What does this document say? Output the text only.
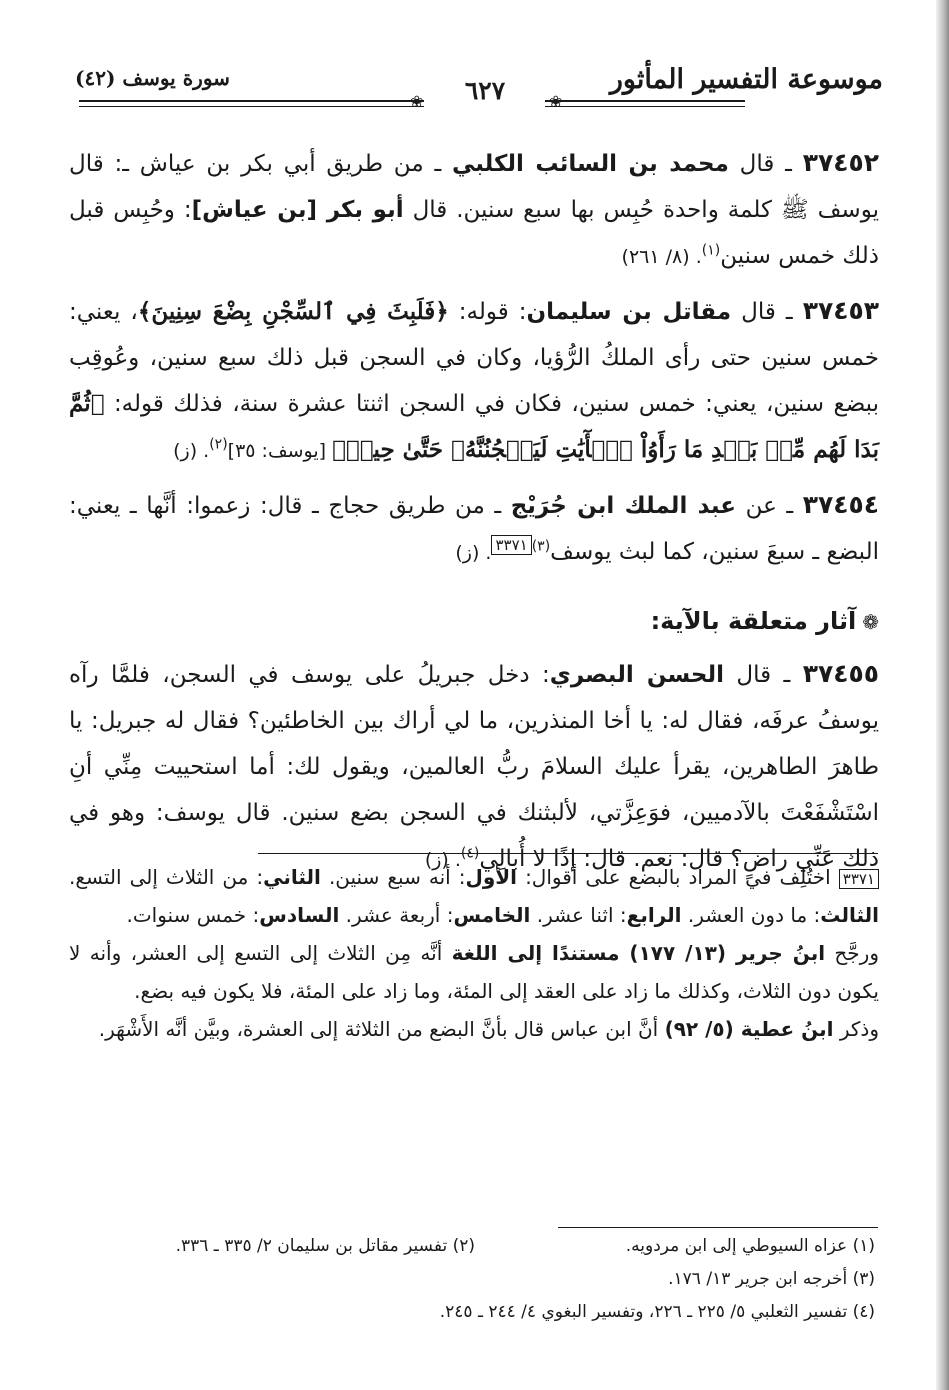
موسوعة التفسير المأثور
❀
٦٢٧
❀
سورة يوسف (٤٢)

٣٧٤٥٢ ـ قال محمد بن السائب الكلبي ـ من طريق أبي بكر بن عياش ـ: قال يوسف ﷺ كلمة واحدة حُبِس بها سبع سنين. قال أبو بكر [بن عياش]: وحُبِس قبل ذلك خمس سنين$^{(١)}$. (٨/ ٢٦١)

٣٧٤٥٣ ـ قال مقاتل بن سليمان: قوله: ﴿فَلَبِثَ فِي ٱلسِّجْنِ بِضْعَ سِنِينَ﴾، يعني: خمس سنين حتى رأى الملكُ الرُّؤيا، وكان في السجن قبل ذلك سبع سنين، وعُوقِب ببضع سنين، يعني: خمس سنين، فكان في السجن اثنتا عشرة سنة، فذلك قوله: ﴿ثُمَّ بَدَا لَهُم مِّنۢ بَعۡدِ مَا رَأَوُاْ ٱلۡأٓيَٰتِ لَيَسۡجُنُنَّهُۥ حَتَّىٰ حِينٖ﴾ [يوسف: ٣٥]$^{(٢)}$. (ز)

٣٧٤٥٤ ـ عن عبد الملك ابن جُرَيْج ـ من طريق حجاج ـ قال: زعموا: أنَّها ـ يعني: البضع ـ سبعَ سنين، كما لبث يوسف$^{(٣)}$٣٣٧١. (ز)

❁آثار متعلقة بالآية:

٣٧٤٥٥ ـ قال الحسن البصري: دخل جبريلُ على يوسف في السجن، فلمَّا رآه يوسفُ عرفَه، فقال له: يا أخا المنذرين، ما لي أراك بين الخاطئين؟ فقال له جبريل: يا طاهرَ الطاهرين، يقرأ عليك السلامَ ربُّ العالمين، ويقول لك: أما استحييت مِنِّي أنِ اسْتَشْفَعْتَ بالآدميين، فوَعِزَّتي، لألبثنك في السجن بضع سنين. قال يوسف: وهو في ذلك عَنِّي راضٍ؟ قال: نعم. قال: إذًا لا أُبالِي$^{(٤)}$. (ز)

٣٣٧١ اختُلِف في المراد بالبضع على أقوال: الأول: أنه سبع سنين. الثاني: من الثلاث إلى التسع. الثالث: ما دون العشر. الرابع: اثنا عشر. الخامس: أربعة عشر. السادس: خمس سنوات.

ورجَّح ابنُ جرير (١٣/ ١٧٧) مستندًا إلى اللغة أنَّه مِن الثلاث إلى التسع إلى العشر، وأنه لا يكون دون الثلاث، وكذلك ما زاد على العقد إلى المئة، وما زاد على المئة، فلا يكون فيه بضع.

وذكر ابنُ عطية (٥/ ٩٢) أنَّ ابن عباس قال بأنَّ البضع من الثلاثة إلى العشرة، وبيَّن أنَّه الأَشْهَر.

(١) عزاه السيوطي إلى ابن مردويه.
(٢) تفسير مقاتل بن سليمان ٢/ ٣٣٥ ـ ٣٣٦.
(٣) أخرجه ابن جرير ١٣/ ١٧٦.
(٤) تفسير الثعلبي ٥/ ٢٢٥ ـ ٢٢٦، وتفسير البغوي ٤/ ٢٤٤ ـ ٢٤٥.
